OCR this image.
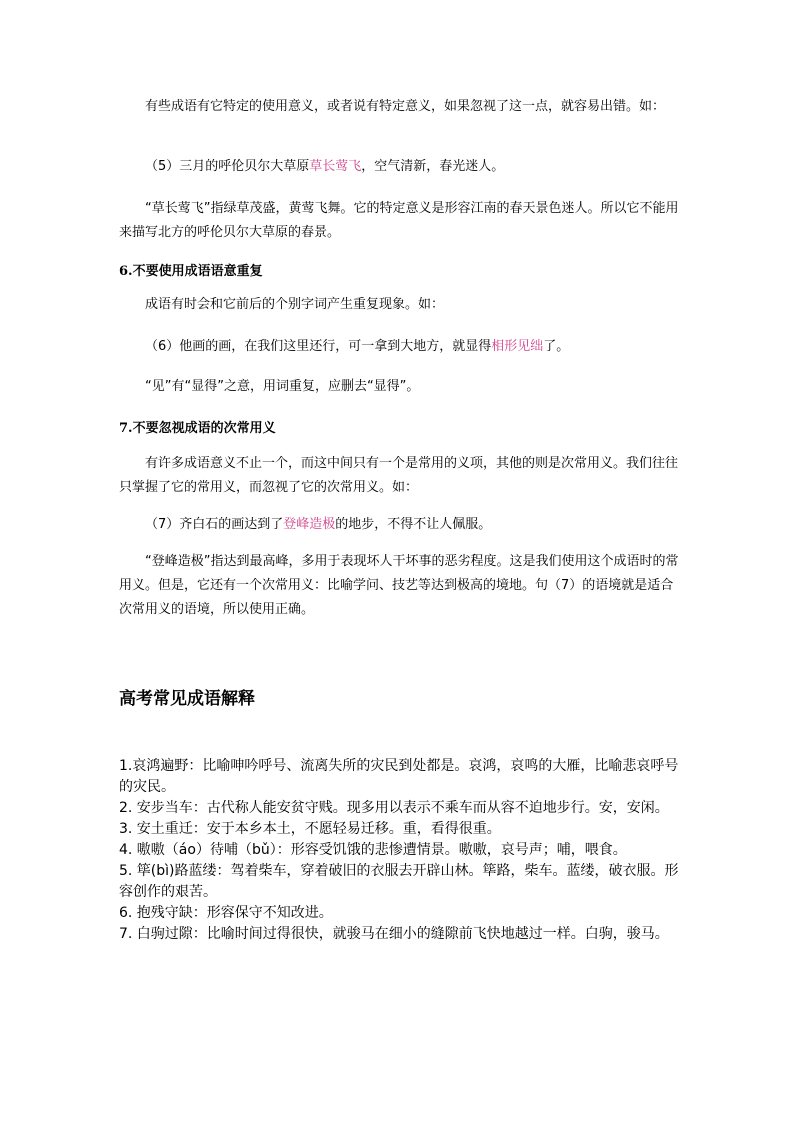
有些成语有它特定的使用意义，或者说有特定意义，如果忽视了这一点，就容易出错。如：

（5）三月的呼伦贝尔大草原草长莺飞，空气清新，春光迷人。

“草长莺飞”指绿草茂盛，黄莺飞舞。它的特定意义是形容江南的春天景色迷人。所以它不能用来描写北方的呼伦贝尔大草原的春景。

6.不要使用成语语意重复

成语有时会和它前后的个别字词产生重复现象。如：

（6）他画的画，在我们这里还行，可一拿到大地方，就显得相形见绌了。

“见”有“显得”之意，用词重复，应删去“显得”。

7.不要忽视成语的次常用义

有许多成语意义不止一个，而这中间只有一个是常用的义项，其他的则是次常用义。我们往往只掌握了它的常用义，而忽视了它的次常用义。如：

（7）齐白石的画达到了登峰造极的地步，不得不让人佩服。

“登峰造极”指达到最高峰，多用于表现坏人干坏事的恶劣程度。这是我们使用这个成语时的常用义。但是，它还有一个次常用义：比喻学问、技艺等达到极高的境地。句（7）的语境就是适合次常用义的语境，所以使用正确。

高考常见成语解释
1.哀鸿遍野：比喻呻吟呼号、流离失所的灾民到处都是。哀鸿，哀鸣的大雁，比喻悲哀呼号的灾民。
2. 安步当车：古代称人能安贫守贱。现多用以表示不乘车而从容不迫地步行。安，安闲。
3. 安土重迁：安于本乡本土，不愿轻易迁移。重，看得很重。
4. 嗷嗷（áo）待哺（bǔ）：形容受饥饿的悲惨遭情景。嗷嗷，哀号声；哺，喂食。
5. 筚(bì)路蓝缕：驾着柴车，穿着破旧的衣服去开辟山林。筚路，柴车。蓝缕，破衣服。形容创作的艰苦。
6. 抱残守缺：形容保守不知改进。
7. 白驹过隙：比喻时间过得很快，就骏马在细小的缝隙前飞快地越过一样。白驹，骏马。
